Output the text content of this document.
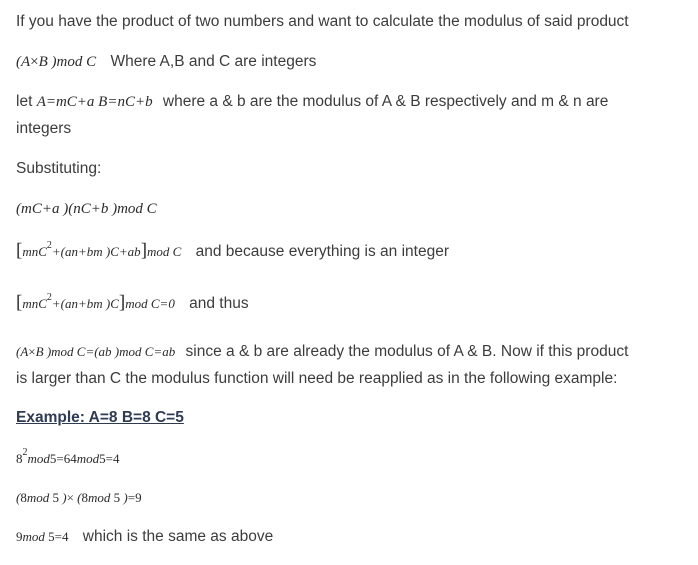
If you have the product of two numbers and want to calculate the modulus of said product
(A×B )mod C Where A,B and C are integers
let A=mC+a B=nC+b where a & b are the modulus of A & B respectively and m & n are
integers
Substituting:
(mC+a )(nC+b )mod C
[mnC$^2$+(an+bm )C+ab]mod C and because everything is an integer
[mnC$^2$+(an+bm )C]mod C=0 and thus
(A×B )mod C=(ab )mod C=ab since a & b are already the modulus of A & B. Now if this product
is larger than C the modulus function will need be reapplied as in the following example:
Example: A=8 B=8 C=5
$8^2mod5=64mod5=4$
(8mod 5 )× (8mod 5 )=9
9mod 5=4 which is the same as above
